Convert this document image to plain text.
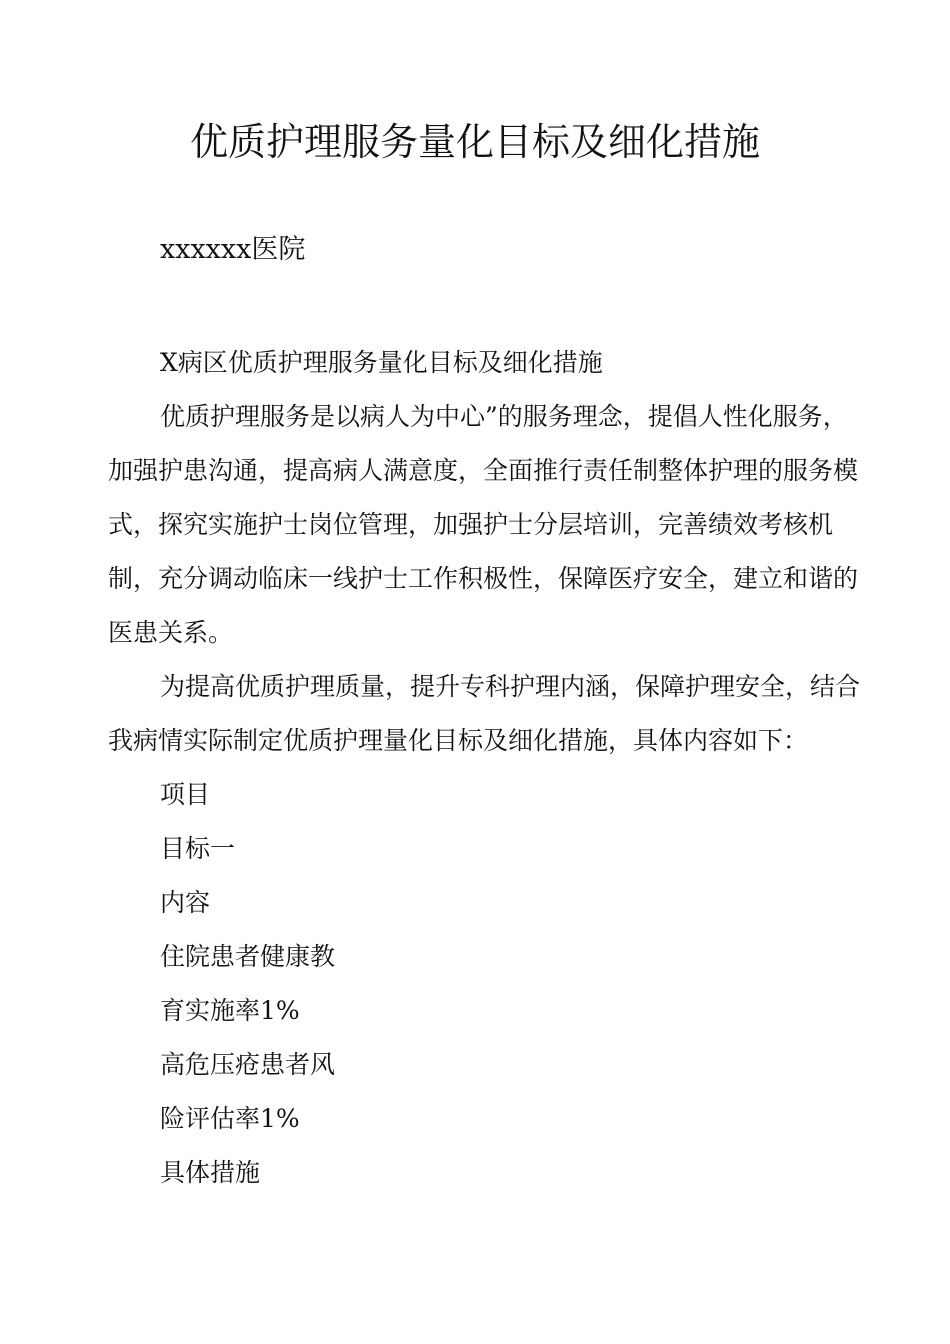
优质护理服务量化目标及细化措施
xxxxxx医院

X病区优质护理服务量化目标及细化措施

优质护理服务是以病人为中心”的服务理念，提倡人性化服务，加强护患沟通，提高病人满意度，全面推行责任制整体护理的服务模式，探究实施护士岗位管理，加强护士分层培训，完善绩效考核机制，充分调动临床一线护士工作积极性，保障医疗安全，建立和谐的医患关系。

为提高优质护理质量，提升专科护理内涵，保障护理安全，结合我病情实际制定优质护理量化目标及细化措施，具体内容如下：

项目

目标一

内容

住院患者健康教

育实施率1%

高危压疮患者风

险评估率1%

具体措施
